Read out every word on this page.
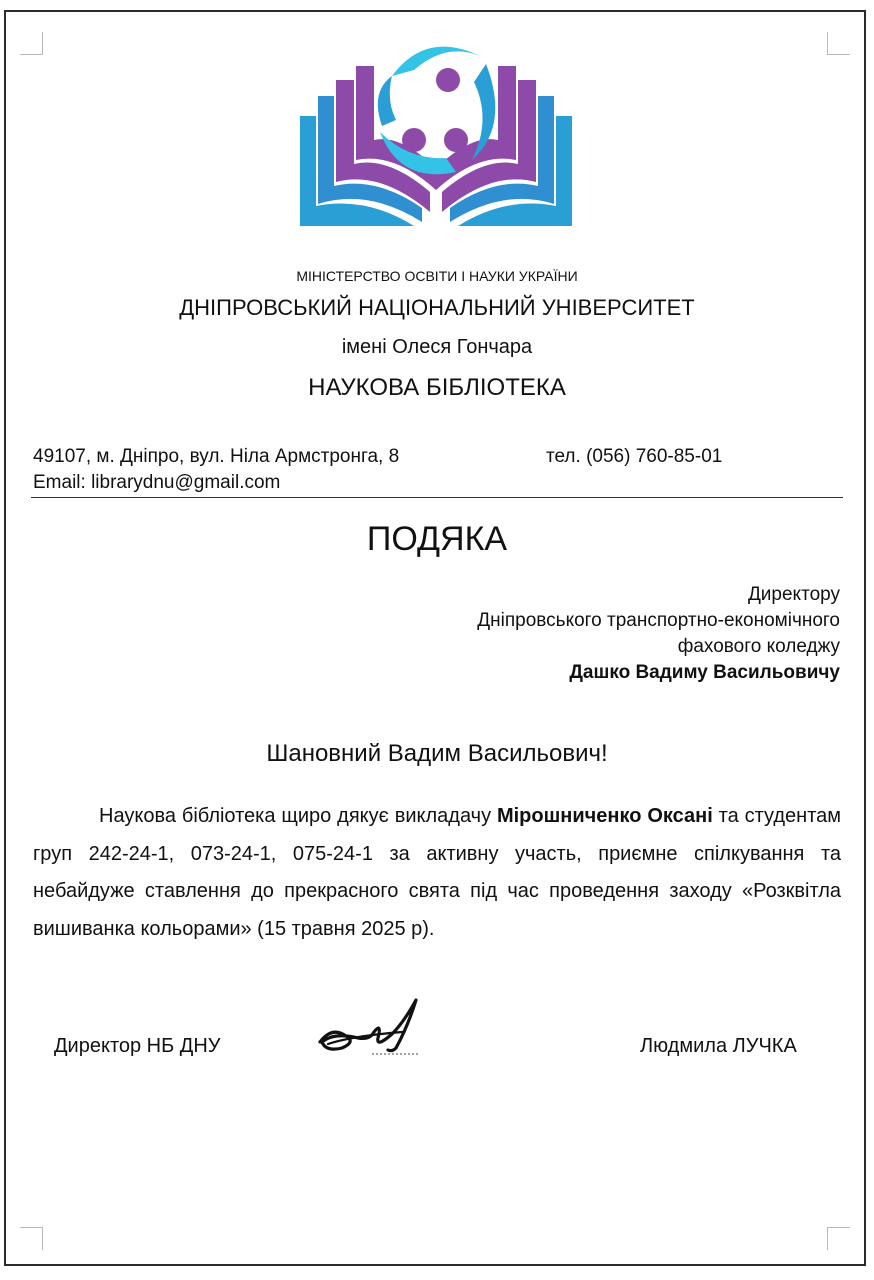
МІНІСТЕРСТВО ОСВІТИ І НАУКИ УКРАЇНИ
ДНІПРОВСЬКИЙ НАЦІОНАЛЬНИЙ УНІВЕРСИТЕТ
імені Олеся Гончара
НАУКОВА БІБЛІОТЕКА
49107, м. Дніпро, вул. Ніла Армстронга, 8	тел. (056) 760-85-01
Email: librarydnu@gmail.com
ПОДЯКА
Директору
Дніпровського транспортно-економічного
фахового коледжу
Дашко Вадиму Васильовичу
Шановний Вадим Васильович!
Наукова бібліотека щиро дякує викладачу Мірошниченко Оксані та студентам груп 242-24-1, 073-24-1, 075-24-1 за активну участь, приємне спілкування та небайдуже ставлення до прекрасного свята під час проведення заходу «Розквітла вишиванка кольорами» (15 травня 2025 р).
Директор НБ ДНУ	Людмила ЛУЧКА
